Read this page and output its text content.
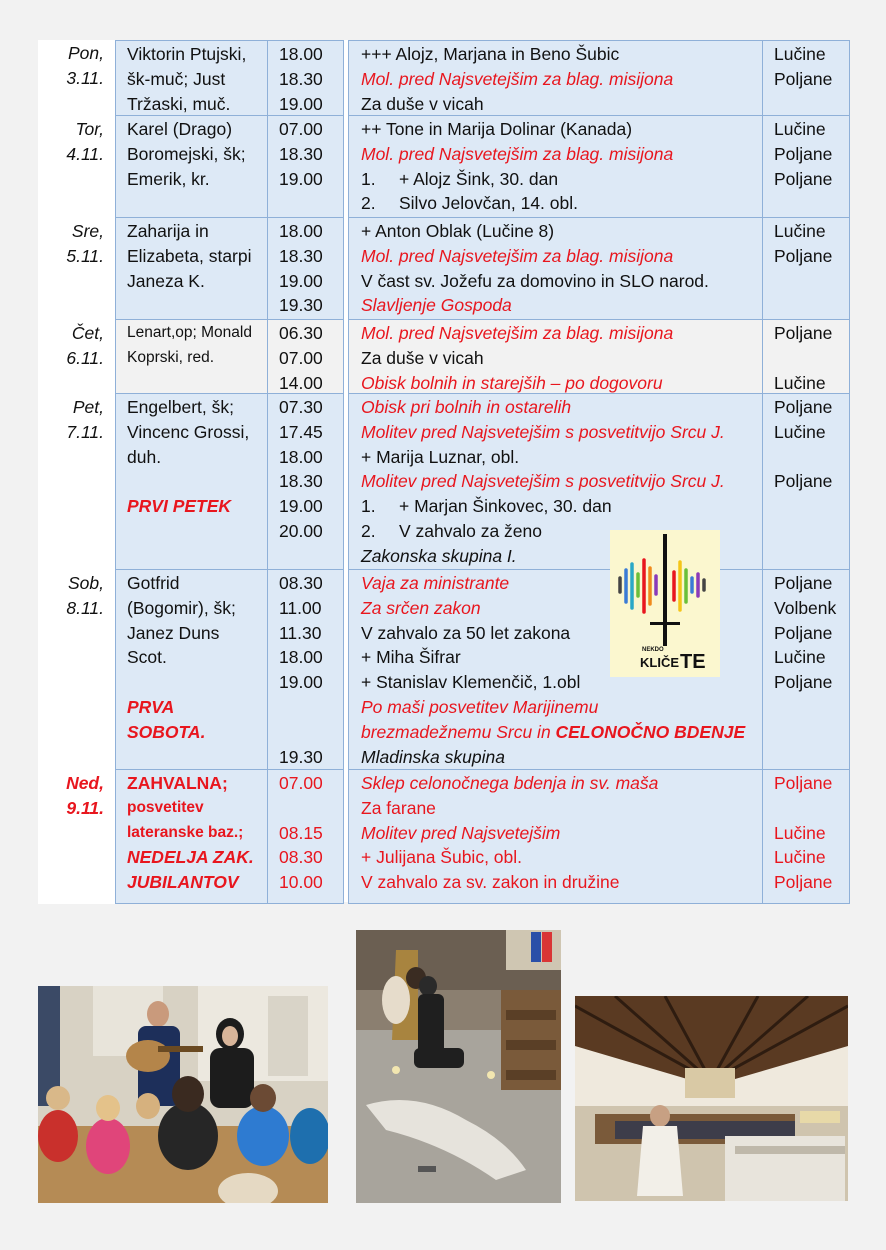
Pon,
3.11.
Viktorin Ptujski,
šk-muč; Just
Tržaski, muč.
18.00
18.30
19.00
+++ Alojz, Marjana in Beno Šubic
Mol. pred Najsvetejšim za blag. misijona
Za duše v vicah
Lučine
Poljane

Tor,
4.11.
Karel (Drago)
Boromejski, šk;
Emerik, kr.
07.00
18.30
19.00

++ Tone in Marija Dolinar (Kanada)
Mol. pred Najsvetejšim za blag. misijona
1. + Alojz Šink, 30. dan
2. Silvo Jelovčan, 14. obl.
Lučine
Poljane
Poljane

Sre,
5.11.
Zaharija in
Elizabeta, starpi
Janeza K.
18.00
18.30
19.00
19.30
+ Anton Oblak (Lučine 8)
Mol. pred Najsvetejšim za blag. misijona
V čast sv. Jožefu za domovino in SLO narod.
Slavljenje Gospoda
Lučine
Poljane

Čet,
6.11.
Lenart,op; Monald
Koprski, red.
06.30
07.00
14.00
Mol. pred Najsvetejšim za blag. misijona
Za duše v vicah
Obisk bolnih in starejših – po dogovoru
Poljane

Lučine
Pet,
7.11.
Engelbert, šk;
Vincenc Grossi,
duh.

PRVI PETEK
07.30
17.45
18.00
18.30
19.00
20.00

Obisk pri bolnih in ostarelih
Molitev pred Najsvetejšim s posvetitvijo Srcu J.
+ Marija Luznar, obl.
Molitev pred Najsvetejšim s posvetitvijo Srcu J.
1. + Marjan Šinkovec, 30. dan
2. V zahvalo za ženo
Zakonska skupina I.
Poljane
Lučine

Poljane

Sob,
8.11.
Gotfrid
(Bogomir), šk;
Janez Duns
Scot.

PRVA
SOBOTA.
08.30
11.00
11.30
18.00
19.00

19.30
Vaja za ministrante
Za srčen zakon
V zahvalo za 50 let zakona
+ Miha Šifrar
+ Stanislav Klemenčič, 1.obl
Po maši posvetitev Marijinemu
brezmadežnemu Srcu in CELONOČNO BDENJE
Mladinska skupina
Poljane
Volbenk
Poljane
Lučine
Poljane

Ned,
9.11.
ZAHVALNA;
posvetitev
lateranske baz.;
NEDELJA ZAK.
JUBILANTOV
07.00

08.15
08.30
10.00
Sklep celonočnega bdenja in sv. maša
Za farane
Molitev pred Najsvetejšim
+ Julijana Šubic, obl.
V zahvalo za sv. zakon in družine
Poljane

Lučine
Lučine
Poljane
NEKDO
KLIČE TE
